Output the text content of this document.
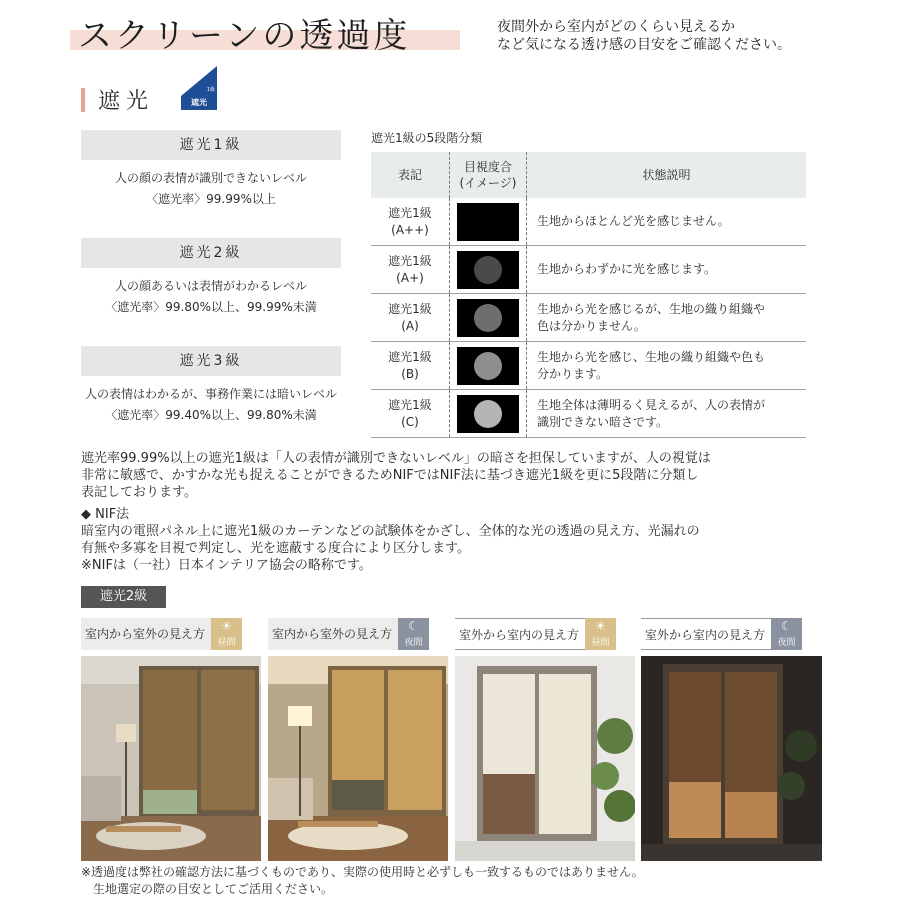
スクリーンの透過度	夜間外から室内がどのくらい見えるか
など気になる透け感の目安をご確認ください。
遮光	1級
遮光
遮光1級
人の顔の表情が識別できないレベル
〈遮光率〉99.99%以上
遮光2級
人の顔あるいは表情がわかるレベル
〈遮光率〉99.80%以上、99.99%未満
遮光3級
人の表情はわかるが、事務作業には暗いレベル
〈遮光率〉99.40%以上、99.80%未満
遮光1級の5段階分類
表記
目視度合
(イメージ)
状態説明
遮光1級
(A++)
生地からほとんど光を感じません。
遮光1級
(A+)
生地からわずかに光を感じます。
遮光1級
(A)
生地から光を感じるが、生地の織り組織や
色は分かりません。
遮光1級
(B)
生地から光を感じ、生地の織り組織や色も
分かります。
遮光1級
(C)
生地全体は薄明るく見えるが、人の表情が
識別できない暗さです。
遮光率99.99%以上の遮光1級は「人の表情が識別できないレベル」の暗さを担保していますが、人の視覚は
非常に敏感で、かすかな光も捉えることができるためNIFではNIF法に基づき遮光1級を更に5段階に分類し
表記しております。
◆ NIF法
暗室内の電照パネル上に遮光1級のカーテンなどの試験体をかざし、全体的な光の透過の見え方、光漏れの
有無や多寡を目視で判定し、光を遮蔽する度合により区分します。
※NIFは（一社）日本インテリア協会の略称です。
遮光2級
室内から室外の見え方
☀
昼間
室内から室外の見え方
☾
夜間
室外から室内の見え方
☀
昼間
室外から室内の見え方
☾
夜間
※透過度は弊社の確認方法に基づくものであり、実際の使用時と必ずしも一致するものではありません。
　生地選定の際の目安としてご活用ください。
